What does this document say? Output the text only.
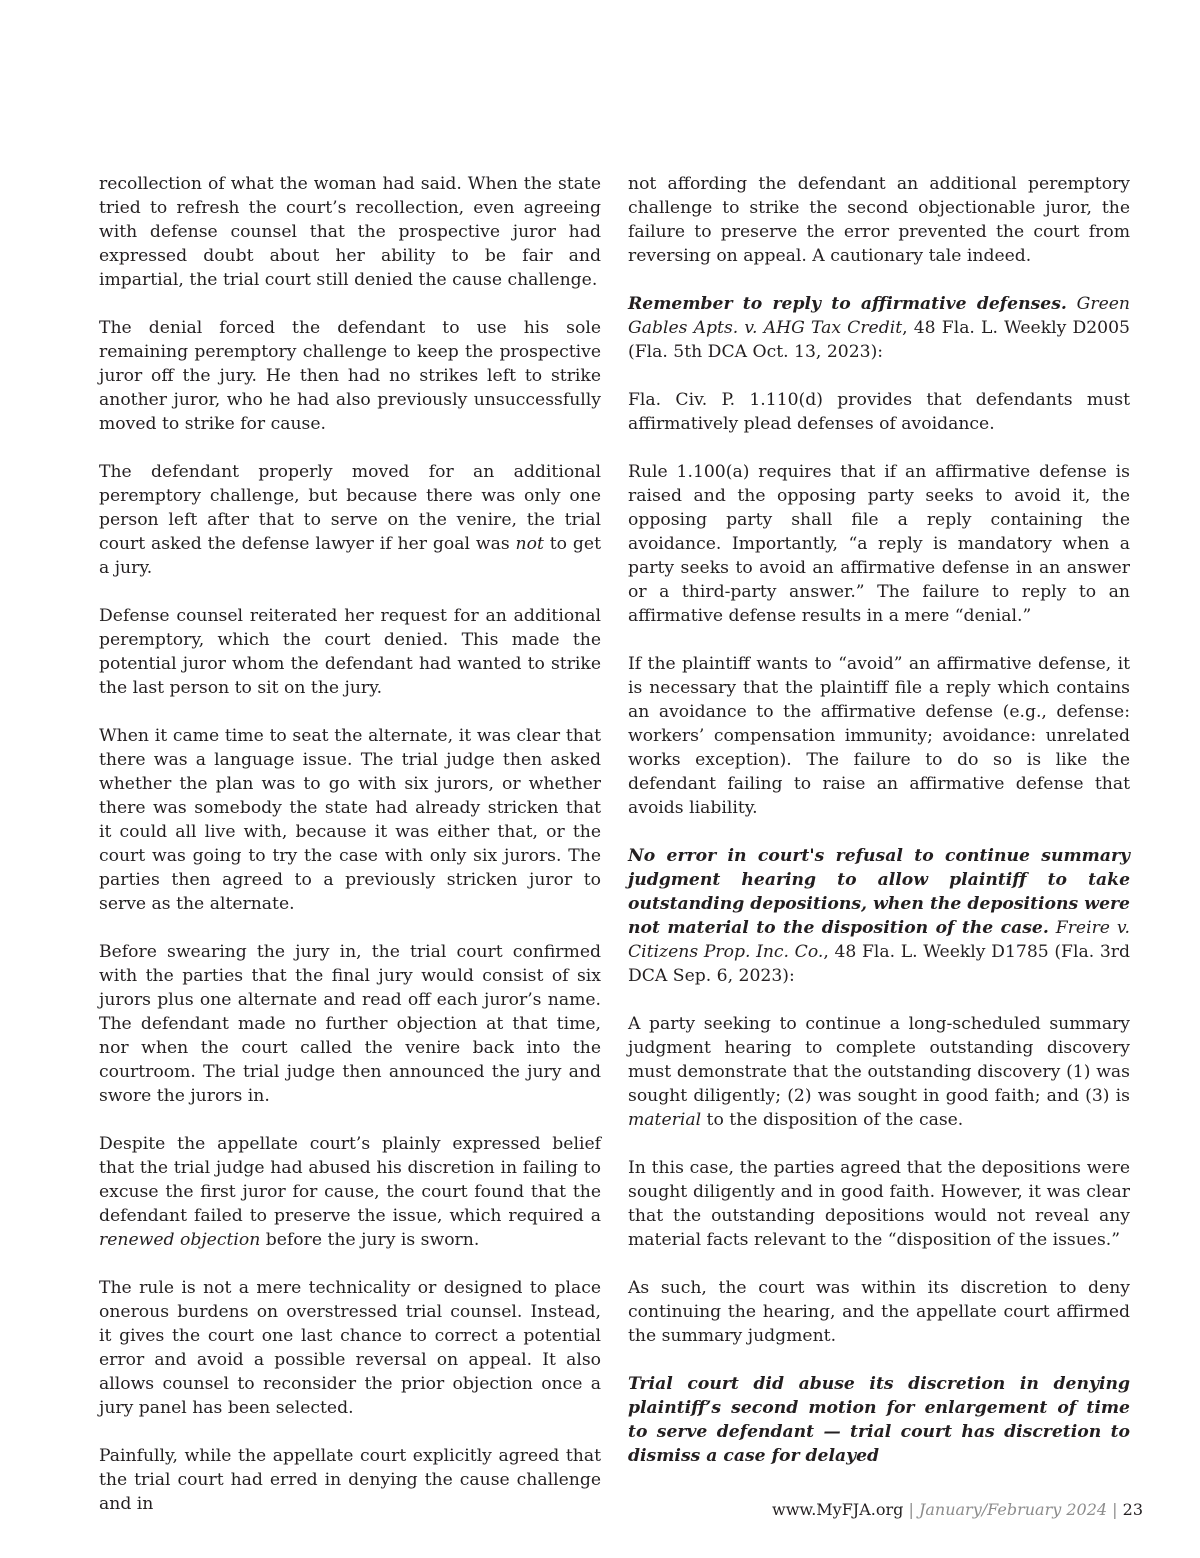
recollection of what the woman had said. When the state tried to refresh the court’s recollection, even agreeing with defense counsel that the prospective juror had expressed doubt about her ability to be fair and impartial, the trial court still denied the cause challenge.

The denial forced the defendant to use his sole remaining peremptory challenge to keep the prospective juror off the jury. He then had no strikes left to strike another juror, who he had also previously unsuccessfully moved to strike for cause.

The defendant properly moved for an additional peremptory challenge, but because there was only one person left after that to serve on the venire, the trial court asked the defense lawyer if her goal was not to get a jury.

Defense counsel reiterated her request for an additional peremptory, which the court denied. This made the potential juror whom the defendant had wanted to strike the last person to sit on the jury.

When it came time to seat the alternate, it was clear that there was a language issue. The trial judge then asked whether the plan was to go with six jurors, or whether there was somebody the state had already stricken that it could all live with, because it was either that, or the court was going to try the case with only six jurors. The parties then agreed to a previously stricken juror to serve as the alternate.

Before swearing the jury in, the trial court confirmed with the parties that the final jury would consist of six jurors plus one alternate and read off each juror’s name. The defendant made no further objection at that time, nor when the court called the venire back into the courtroom. The trial judge then announced the jury and swore the jurors in.

Despite the appellate court’s plainly expressed belief that the trial judge had abused his discretion in failing to excuse the first juror for cause, the court found that the defendant failed to preserve the issue, which required a renewed objection before the jury is sworn.

The rule is not a mere technicality or designed to place onerous burdens on overstressed trial counsel. Instead, it gives the court one last chance to correct a potential error and avoid a possible reversal on appeal. It also allows counsel to reconsider the prior objection once a jury panel has been selected.

Painfully, while the appellate court explicitly agreed that the trial court had erred in denying the cause challenge and in

not affording the defendant an additional peremptory challenge to strike the second objectionable juror, the failure to preserve the error prevented the court from reversing on appeal. A cautionary tale indeed.

Remember to reply to affirmative defenses. Green Gables Apts. v. AHG Tax Credit, 48 Fla. L. Weekly D2005 (Fla. 5th DCA Oct. 13, 2023):

Fla. Civ. P. 1.110(d) provides that defendants must affirmatively plead defenses of avoidance.

Rule 1.100(a) requires that if an affirmative defense is raised and the opposing party seeks to avoid it, the opposing party shall file a reply containing the avoidance. Importantly, “a reply is mandatory when a party seeks to avoid an affirmative defense in an answer or a third-party answer.” The failure to reply to an affirmative defense results in a mere “denial.”

If the plaintiff wants to “avoid” an affirmative defense, it is necessary that the plaintiff file a reply which contains an avoidance to the affirmative defense (e.g., defense: workers’ compensation immunity; avoidance: unrelated works exception). The failure to do so is like the defendant failing to raise an affirmative defense that avoids liability.

No error in court's refusal to continue summary judgment hearing to allow plaintiff to take outstanding depositions, when the depositions were not material to the disposition of the case. Freire v. Citizens Prop. Inc. Co., 48 Fla. L. Weekly D1785 (Fla. 3rd DCA Sep. 6, 2023):

A party seeking to continue a long-scheduled summary judgment hearing to complete outstanding discovery must demonstrate that the outstanding discovery (1) was sought diligently; (2) was sought in good faith; and (3) is material to the disposition of the case.

In this case, the parties agreed that the depositions were sought diligently and in good faith. However, it was clear that the outstanding depositions would not reveal any material facts relevant to the “disposition of the issues.”

As such, the court was within its discretion to deny continuing the hearing, and the appellate court affirmed the summary judgment.

Trial court did abuse its discretion in denying plaintiff’s second motion for enlargement of time to serve defendant — trial court has discretion to dismiss a case for delayed

www.MyFJA.org | January/February 2024 | 23
